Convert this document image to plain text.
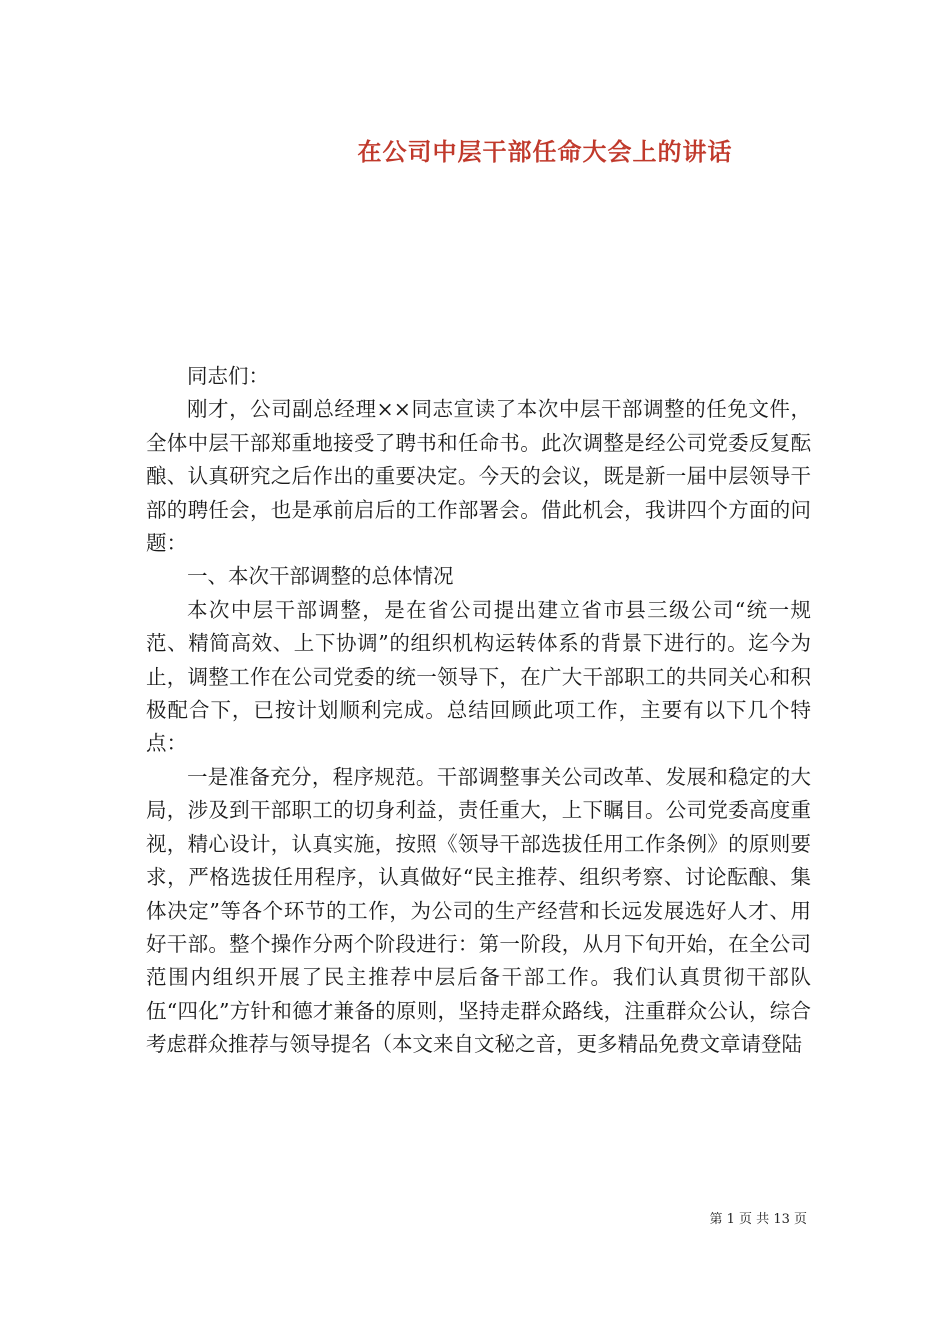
在公司中层干部任命大会上的讲话

同志们：

刚才，公司副总经理××同志宣读了本次中层干部调整的任免文件，全体中层干部郑重地接受了聘书和任命书。此次调整是经公司党委反复酝酿、认真研究之后作出的重要决定。今天的会议，既是新一届中层领导干部的聘任会，也是承前启后的工作部署会。借此机会，我讲四个方面的问题：

一、本次干部调整的总体情况

本次中层干部调整，是在省公司提出建立省市县三级公司“统一规范、精简高效、上下协调”的组织机构运转体系的背景下进行的。迄今为止，调整工作在公司党委的统一领导下，在广大干部职工的共同关心和积极配合下，已按计划顺利完成。总结回顾此项工作，主要有以下几个特点：

一是准备充分，程序规范。干部调整事关公司改革、发展和稳定的大局，涉及到干部职工的切身利益，责任重大，上下瞩目。公司党委高度重视，精心设计，认真实施，按照《领导干部选拔任用工作条例》的原则要求，严格选拔任用程序，认真做好“民主推荐、组织考察、讨论酝酿、集体决定”等各个环节的工作，为公司的生产经营和长远发展选好人才、用好干部。整个操作分两个阶段进行：第一阶段，从月下旬开始，在全公司范围内组织开展了民主推荐中层后备干部工作。我们认真贯彻干部队伍“四化”方针和德才兼备的原则，坚持走群众路线，注重群众公认，综合考虑群众推荐与领导提名（本文来自文秘之音，更多精品免费文章请登陆

第 1 页 共 13 页
